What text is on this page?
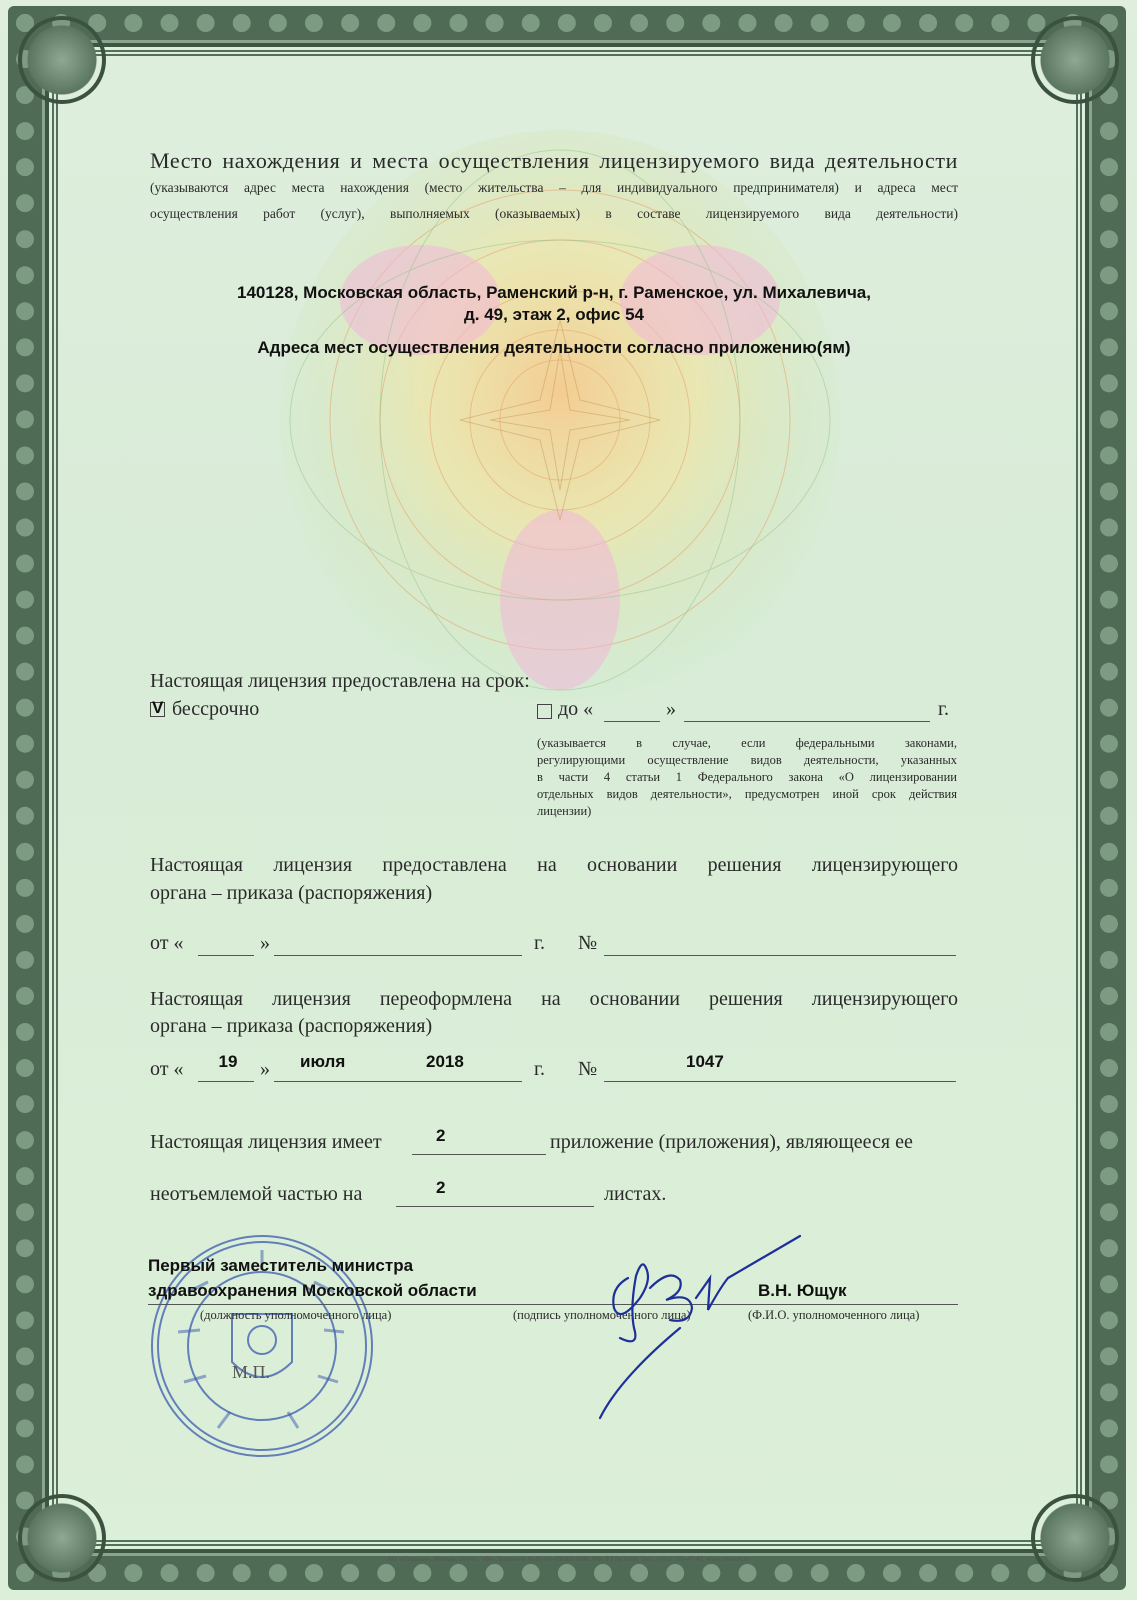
Место нахождения и места осуществления лицензируемого вида деятельности
(указываются адрес места нахождения (место жительства – для индивидуального предпринимателя) и адреса мест
осуществления работ (услуг), выполняемых (оказываемых) в составе лицензируемого вида деятельности)
140128, Московская область, Раменский р-н, г. Раменское, ул. Михалевича,
д. 49, этаж 2, офис 54
Адреса мест осуществления деятельности согласно приложению(ям)
Настоящая лицензия предоставлена на срок:
V бессрочно	до «	»	г.
(указывается в случае, если федеральными законами,
регулирующими осуществление видов деятельности, указанных
в части 4 статьи 1 Федерального закона «О лицензировании
отдельных видов деятельности», предусмотрен иной срок действия
лицензии)
Настоящая лицензия предоставлена на основании решения лицензирующего
органа – приказа (распоряжения)
от «	»	г. №
Настоящая лицензия переоформлена на основании решения лицензирующего
органа – приказа (распоряжения)
от «	19	» июля	2018	г. №	1047
Настоящая лицензия имеет	2	приложение (приложения), являющееся ее
неотъемлемой частью на	2	листах.
М.П.
Первый заместитель министра
здравоохранения Московской области	В.Н. Ющук
(должность уполномоченного лица)	(подпись уполномоченного лица)	(Ф.И.О. уполномоченного лица)
АО «Опцион», Москва, 2016 г., «Б». Лицензия № 05-05-09/003 ФНС РФ, ТЗ № 1268, Тел.: (495) 726-47-42, www.opcion.ru
